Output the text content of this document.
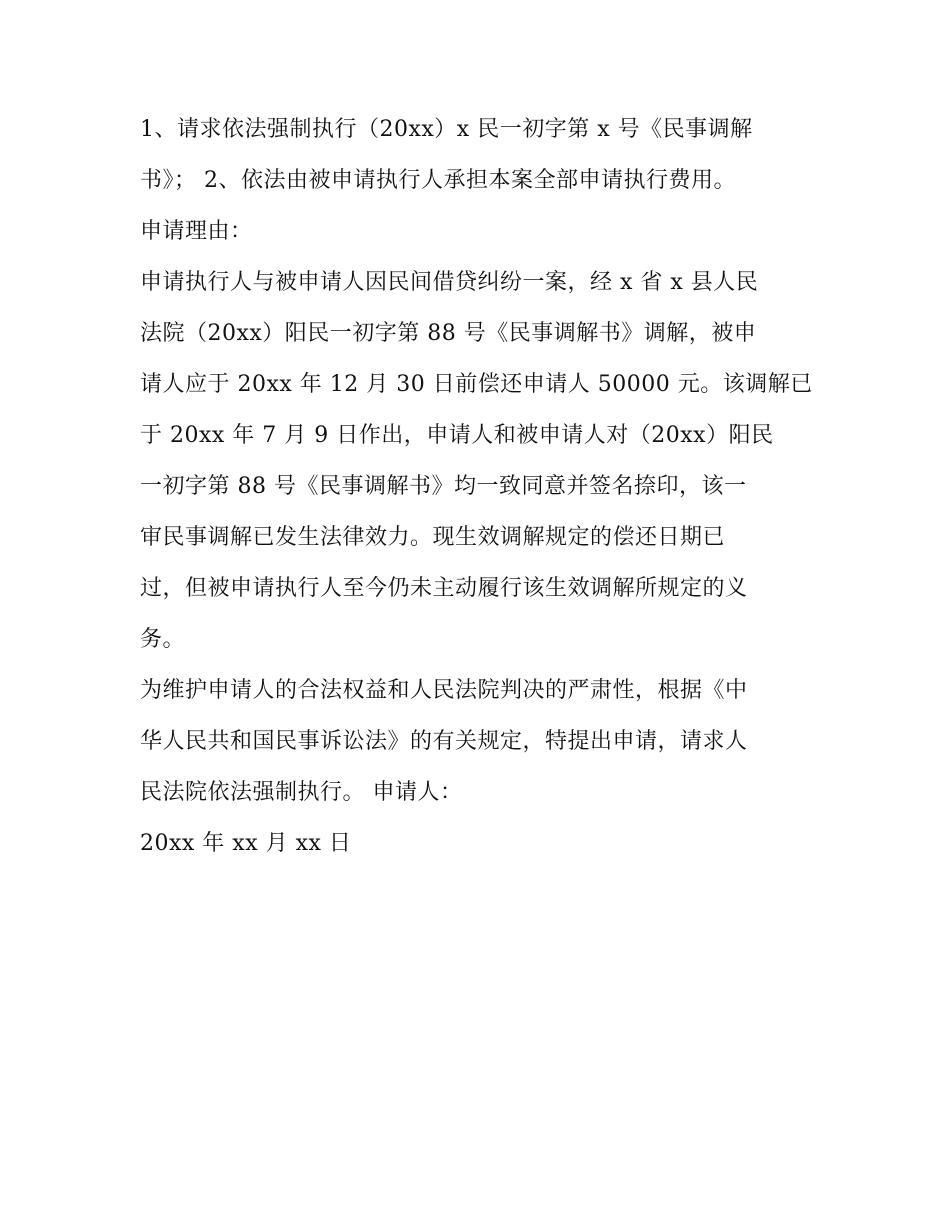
1、请求依法强制执行（20xx）x 民一初字第 x 号《民事调解
书》； 2、依法由被申请执行人承担本案全部申请执行费用。
申请理由：
申请执行人与被申请人因民间借贷纠纷一案，经 x 省 x 县人民
法院（20xx）阳民一初字第 88 号《民事调解书》调解，被申
请人应于 20xx 年 12 月 30 日前偿还申请人 50000 元。该调解已
于 20xx 年 7 月 9 日作出，申请人和被申请人对（20xx）阳民
一初字第 88 号《民事调解书》均一致同意并签名捺印，该一
审民事调解已发生法律效力。现生效调解规定的偿还日期已
过，但被申请执行人至今仍未主动履行该生效调解所规定的义
务。
为维护申请人的合法权益和人民法院判决的严肃性，根据《中
华人民共和国民事诉讼法》的有关规定，特提出申请，请求人
民法院依法强制执行。 申请人：
20xx 年 xx 月 xx 日
